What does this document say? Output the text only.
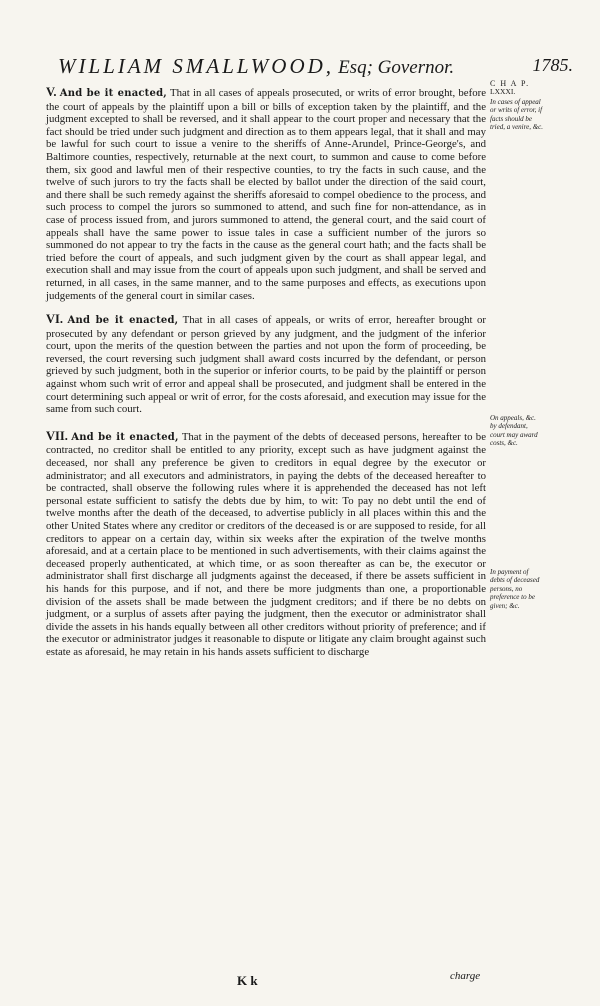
WILLIAM SMALLWOOD, Esq; Governor.	1785.
C H A P.
LXXXI.
In cases of appeal or writs of error, if facts should be tried, a venire, &c.
On appeals, &c. by defendant, court may award costs, &c.
In payment of debts of deceased persons, no preference to be given; &c.

V. And be it enacted, That in all cases of appeals prosecuted, or writs of error brought, before the court of appeals by the plaintiff upon a bill or bills of exception taken by the plaintiff, and the judgment excepted to shall be reversed, and it shall appear to the court proper and necessary that the fact should be tried under such judgment and direction as to them appears legal, that it shall and may be lawful for such court to issue a venire to the sheriffs of Anne-Arundel, Prince-George's, and Baltimore counties, respectively, returnable at the next court, to summon and cause to come before them, six good and lawful men of their respective counties, to try the facts in such cause, and the twelve of such jurors to try the facts shall be elected by ballot under the direction of the said court, and there shall be such remedy against the sheriffs aforesaid to compel obedience to the process, and such process to compel the jurors so summoned to attend, and such fine for non-attendance, as in case of process issued from, and jurors summoned to attend, the general court, and the said court of appeals shall have the same power to issue tales in case a sufficient number of the jurors so summoned do not appear to try the facts in the cause as the general court hath; and the facts shall be tried before the court of appeals, and such judgment given by the court as shall appear legal, and execution shall and may issue from the court of appeals upon such judgment, and shall be served and returned, in all cases, in the same manner, and to the same purposes and effects, as executions upon judgements of the general court in similar cases.

VI. And be it enacted, That in all cases of appeals, or writs of error, hereafter brought or prosecuted by any defendant or person grieved by any judgment, and the judgment of the inferior court, upon the merits of the question between the parties and not upon the form of proceeding, be reversed, the court reversing such judgment shall award costs incurred by the defendant, or person grieved by such judgment, both in the superior or inferior courts, to be paid by the plaintiff or person against whom such writ of error and appeal shall be prosecuted, and judgment shall be entered in the court determining such appeal or writ of error, for the costs aforesaid, and execution may issue for the same from such court.

VII. And be it enacted, That in the payment of the debts of deceased persons, hereafter to be contracted, no creditor shall be entitled to any priority, except such as have judgment against the deceased, nor shall any preference be given to creditors in equal degree by the executor or administrator; and all executors and administrators, in paying the debts of the deceased hereafter to be contracted, shall observe the following rules where it is apprehended the deceased has not left personal estate sufficient to satisfy the debts due by him, to wit: To pay no debt until the end of twelve months after the death of the deceased, to advertise publicly in all places within this and the other United States where any creditor or creditors of the deceased is or are supposed to reside, for all creditors to appear on a certain day, within six weeks after the expiration of the twelve months aforesaid, and at a certain place to be mentioned in such advertisements, with their claims against the deceased properly authenticated, at which time, or as soon thereafter as can be, the executor or administrator shall first discharge all judgments against the deceased, if there be assets sufficient in his hands for this purpose, and if not, and there be more judgments than one, a proportionable division of the assets shall be made between the judgment creditors; and if there be no debts on judgment, or a surplus of assets after paying the judgment, then the executor or administrator shall divide the assets in his hands equally between all other creditors without priority of preference; and if the executor or administrator judges it reasonable to dispute or litigate any claim brought against such estate as aforesaid, he may retain in his hands assets sufficient to discharge

K k	charge
